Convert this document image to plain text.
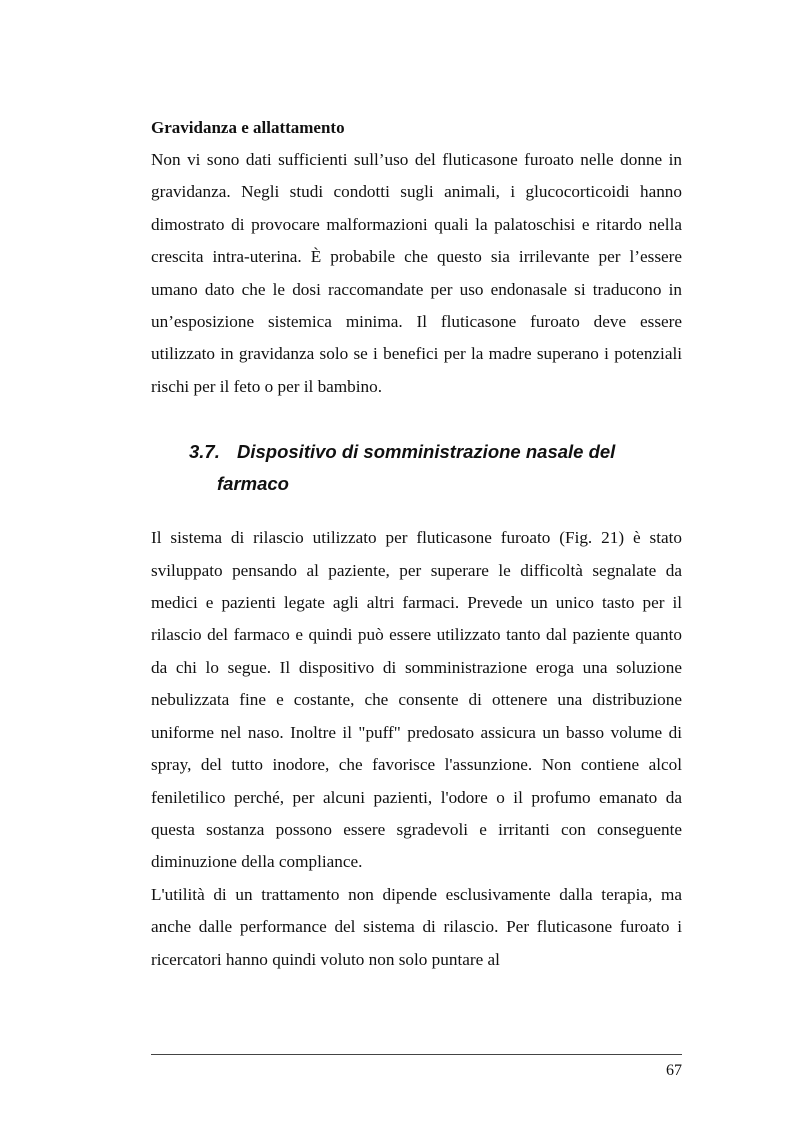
Gravidanza e allattamento

Non vi sono dati sufficienti sull’uso del fluticasone furoato nelle donne in gravidanza. Negli studi condotti sugli animali, i glucocorticoidi hanno dimostrato di provocare malformazioni quali la palatoschisi e ritardo nella crescita intra-uterina. È probabile che questo sia irrilevante per l’essere umano dato che le dosi raccomandate per uso endonasale si traducono in un’esposizione sistemica minima. Il fluticasone furoato deve essere utilizzato in gravidanza solo se i benefici per la madre superano i potenziali rischi per il feto o per il bambino.

3.7. Dispositivo di somministrazione nasale del
farmaco

Il sistema di rilascio utilizzato per fluticasone furoato (Fig. 21) è stato sviluppato pensando al paziente, per superare le difficoltà segnalate da medici e pazienti legate agli altri farmaci. Prevede un unico tasto per il rilascio del farmaco e quindi può essere utilizzato tanto dal paziente quanto da chi lo segue. Il dispositivo di somministrazione eroga una soluzione nebulizzata fine e costante, che consente di ottenere una distribuzione uniforme nel naso. Inoltre il "puff" predosato assicura un basso volume di spray, del tutto inodore, che favorisce l'assunzione. Non contiene alcol feniletilico perché, per alcuni pazienti, l'odore o il profumo emanato da questa sostanza possono essere sgradevoli e irritanti con conseguente diminuzione della compliance.

L'utilità di un trattamento non dipende esclusivamente dalla terapia, ma anche dalle performance del sistema di rilascio. Per fluticasone furoato i ricercatori hanno quindi voluto non solo puntare al

67
